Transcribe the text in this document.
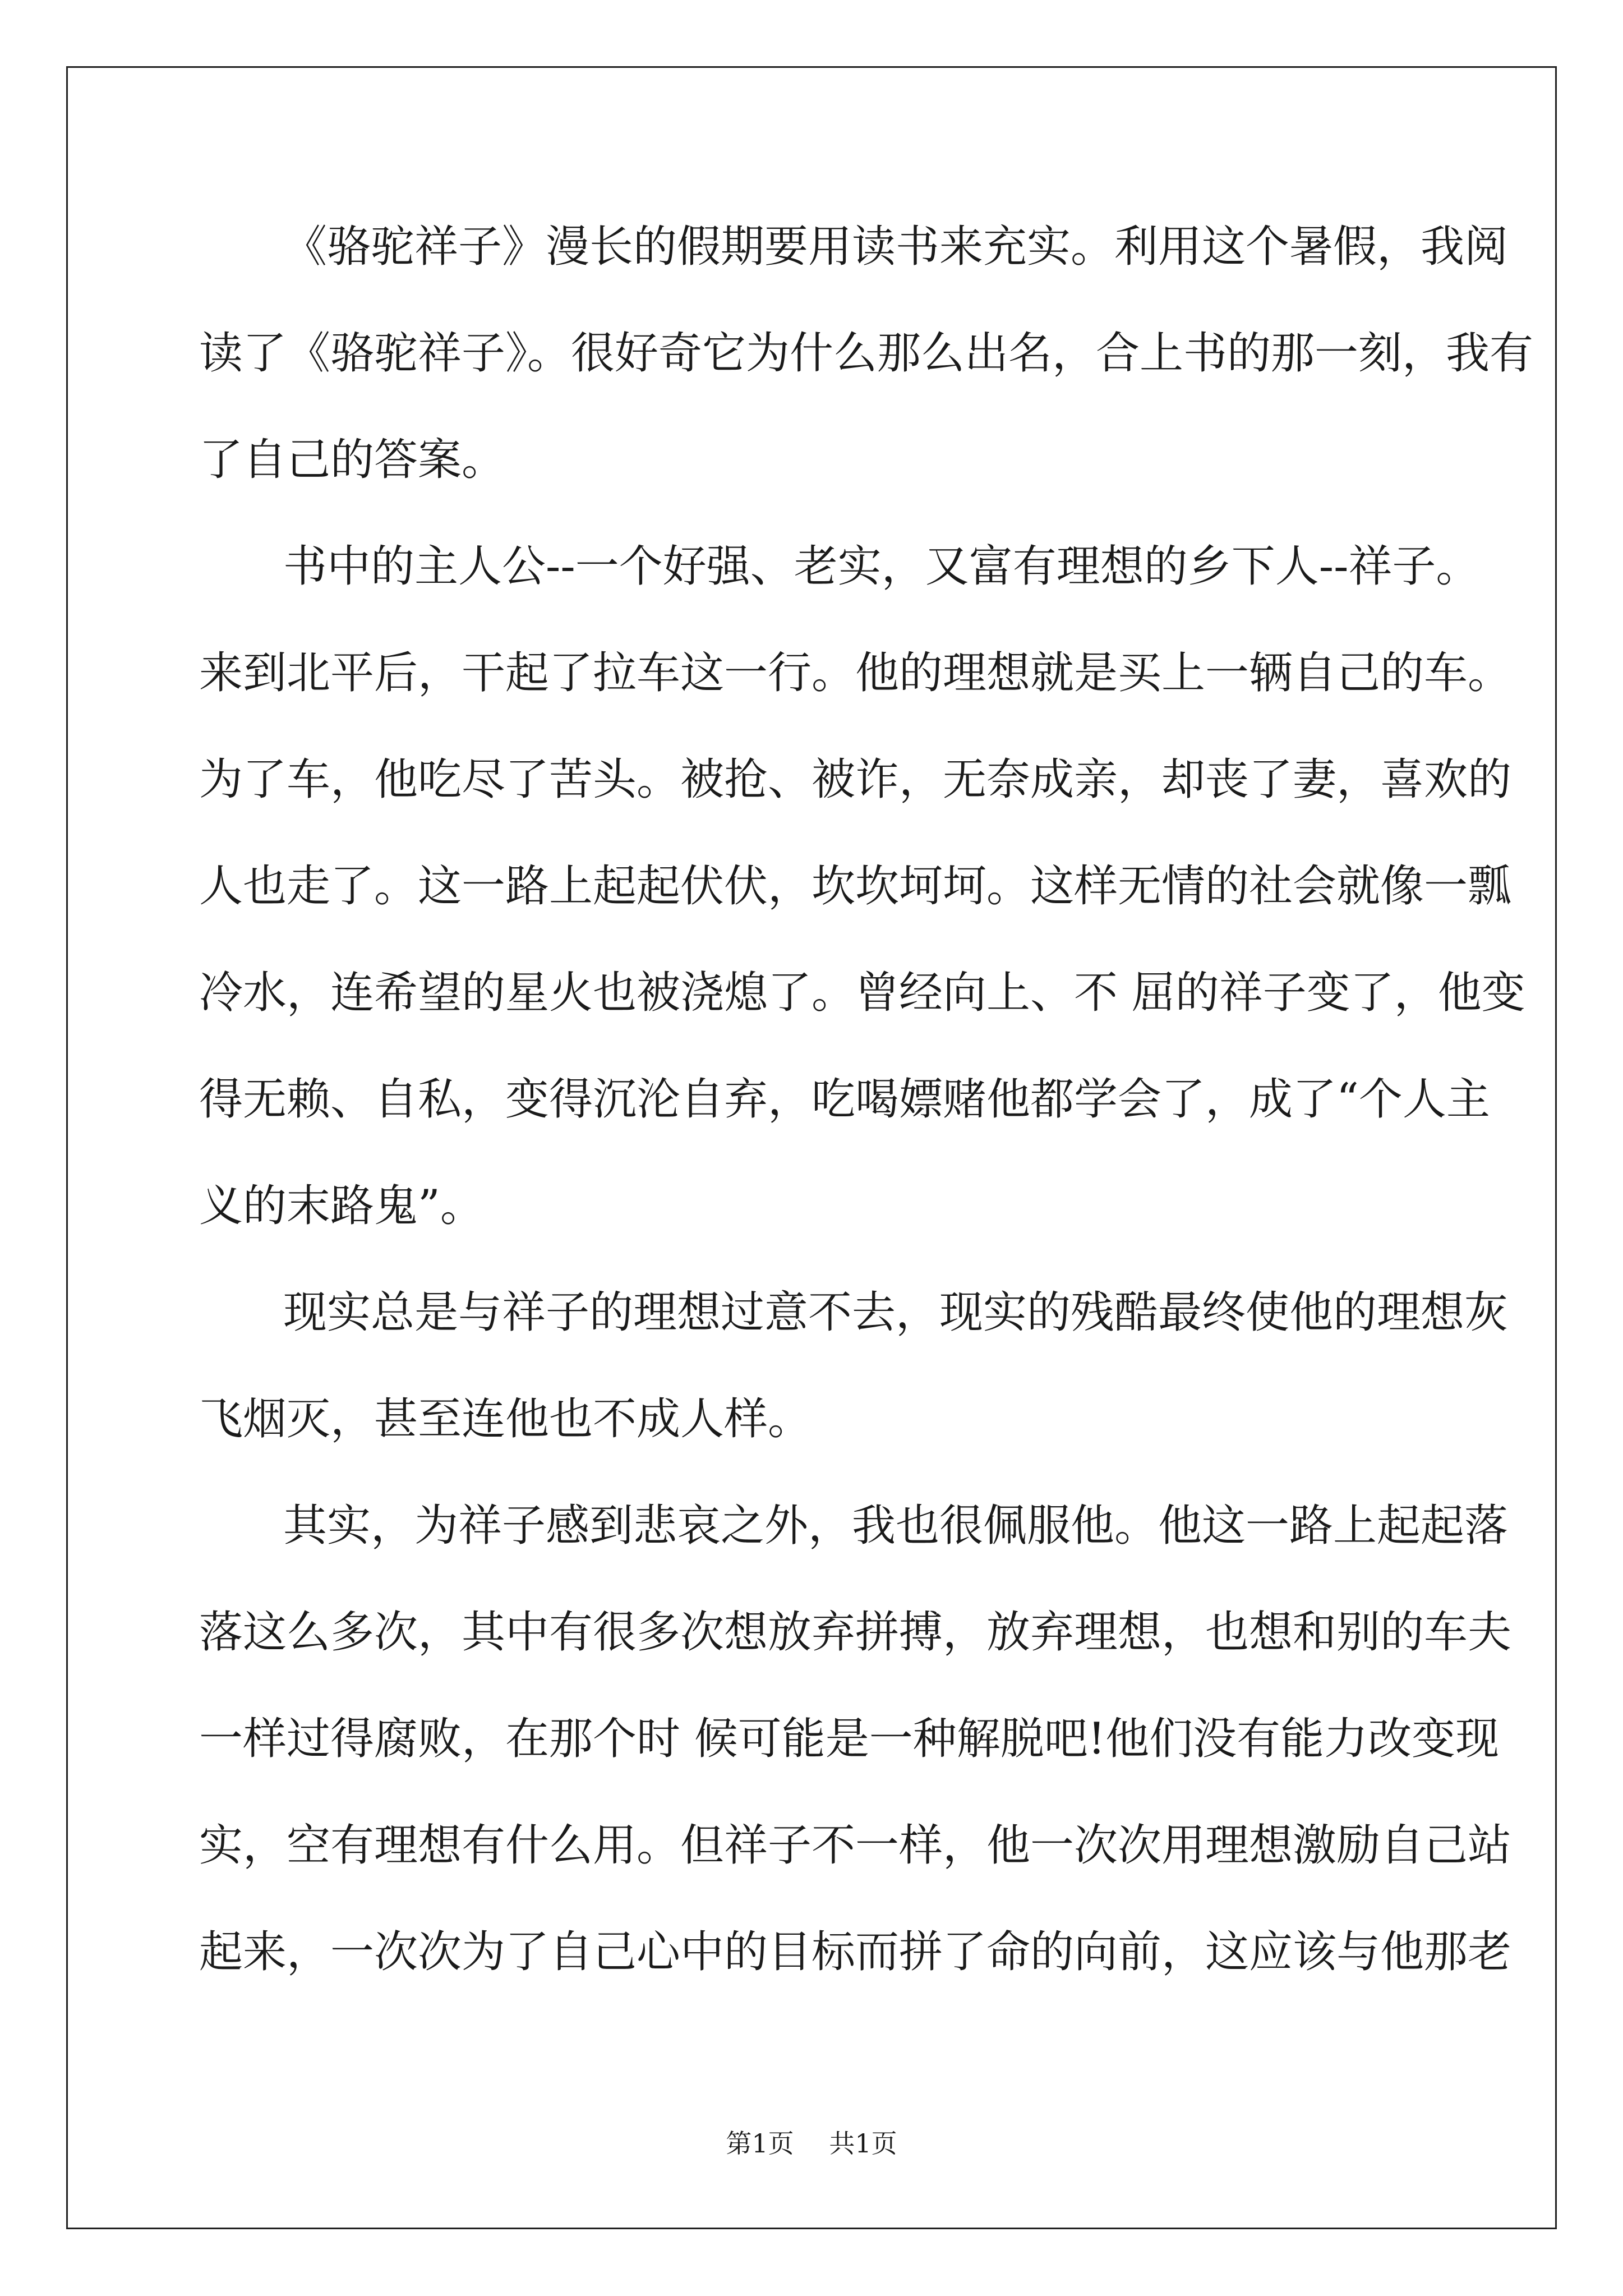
《骆驼祥子》漫长的假期要用读书来充实。利用这个暑假，我阅
读了《骆驼祥子》。很好奇它为什么那么出名，合上书的那一刻，我有
了自己的答案。
书中的主人公--一个好强、老实，又富有理想的乡下人--祥子。
来到北平后，干起了拉车这一行。他的理想就是买上一辆自己的车。
为了车，他吃尽了苦头。被抢、被诈，无奈成亲，却丧了妻，喜欢的
人也走了。这一路上起起伏伏，坎坎坷坷。这样无情的社会就像一瓢
冷水，连希望的星火也被浇熄了。曾经向上、不 屈的祥子变了，他变
得无赖、自私，变得沉沦自弃，吃喝嫖赌他都学会了，成了“个人主
义的末路鬼”。
现实总是与祥子的理想过意不去，现实的残酷最终使他的理想灰
飞烟灭，甚至连他也不成人样。
其实，为祥子感到悲哀之外，我也很佩服他。他这一路上起起落
落这么多次，其中有很多次想放弃拼搏，放弃理想，也想和别的车夫
一样过得腐败，在那个时 候可能是一种解脱吧!他们没有能力改变现
实，空有理想有什么用。但祥子不一样，他一次次用理想激励自己站
起来，一次次为了自己心中的目标而拼了命的向前，这应该与他那老
第1页 共1页
